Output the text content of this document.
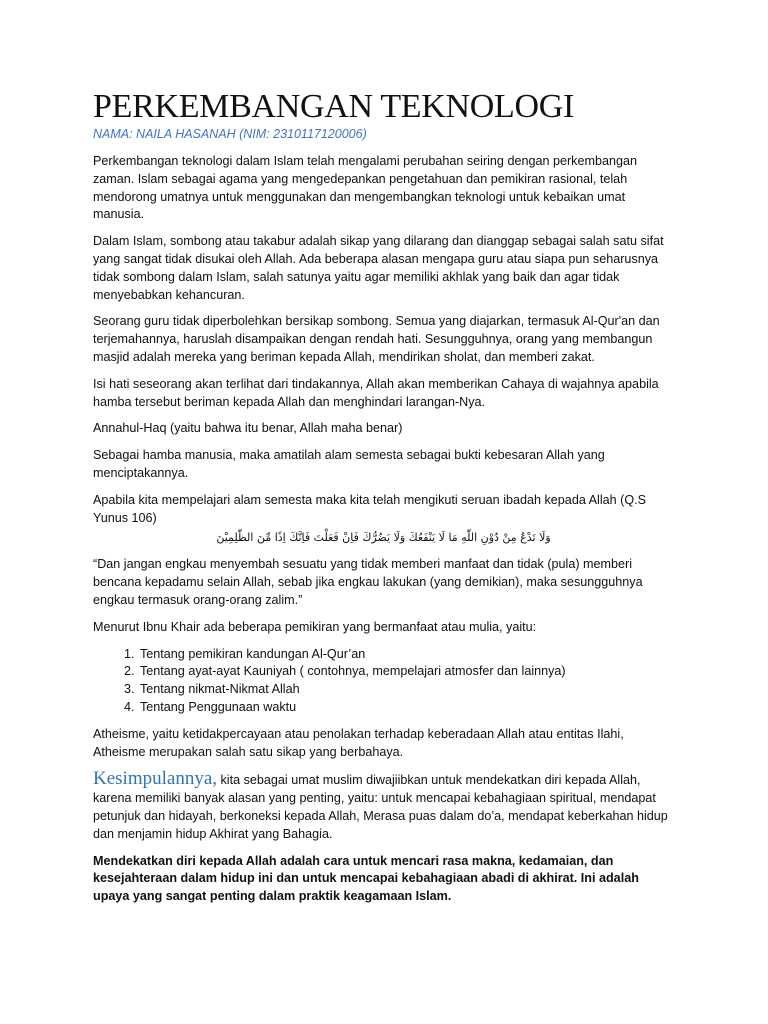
PERKEMBANGAN TEKNOLOGI
NAMA: NAILA HASANAH (NIM: 2310117120006)

Perkembangan teknologi dalam Islam telah mengalami perubahan seiring dengan perkembangan zaman. Islam sebagai agama yang mengedepankan pengetahuan dan pemikiran rasional, telah mendorong umatnya untuk menggunakan dan mengembangkan teknologi untuk kebaikan umat manusia.

Dalam Islam, sombong atau takabur adalah sikap yang dilarang dan dianggap sebagai salah satu sifat yang sangat tidak disukai oleh Allah. Ada beberapa alasan mengapa guru atau siapa pun seharusnya tidak sombong dalam Islam, salah satunya yaitu agar memiliki akhlak yang baik dan agar tidak menyebabkan kehancuran.

Seorang guru tidak diperbolehkan bersikap sombong. Semua yang diajarkan, termasuk Al-Qur'an dan terjemahannya, haruslah disampaikan dengan rendah hati. Sesungguhnya, orang yang membangun masjid adalah mereka yang beriman kepada Allah, mendirikan sholat, dan memberi zakat.

Isi hati seseorang akan terlihat dari tindakannya, Allah akan memberikan Cahaya di wajahnya apabila hamba tersebut beriman kepada Allah dan menghindari larangan-Nya.

Annahul-Haq (yaitu bahwa itu benar, Allah maha benar)

Sebagai hamba manusia, maka amatilah alam semesta sebagai bukti kebesaran Allah yang menciptakannya.

Apabila kita mempelajari alam semesta maka kita telah mengikuti seruan ibadah kepada Allah (Q.S Yunus 106)

وَلَا تَدْعُ مِنْ دُوْنِ اللّٰهِ مَا لَا يَنْفَعُكَ وَلَا يَضُرُّكَ فَاِنْ فَعَلْتَ فَاِنَّكَ اِذًا مِّنَ الظّٰلِمِيْنَ

“Dan jangan engkau menyembah sesuatu yang tidak memberi manfaat dan tidak (pula) memberi bencana kepadamu selain Allah, sebab jika engkau lakukan (yang demikian), maka sesungguhnya engkau termasuk orang-orang zalim.”

Menurut Ibnu Khair ada beberapa pemikiran yang bermanfaat atau mulia, yaitu:

1. Tentang pemikiran kandungan Al-Qur’an
2. Tentang ayat-ayat Kauniyah ( contohnya, mempelajari atmosfer dan lainnya)
3. Tentang nikmat-Nikmat Allah
4. Tentang Penggunaan waktu

Atheisme, yaitu ketidakpercayaan atau penolakan terhadap keberadaan Allah atau entitas Ilahi, Atheisme merupakan salah satu sikap yang berbahaya.

Kesimpulannya, kita sebagai umat muslim diwajiibkan untuk mendekatkan diri kepada Allah, karena memiliki banyak alasan yang penting, yaitu: untuk mencapai kebahagiaan spiritual, mendapat petunjuk dan hidayah, berkoneksi kepada Allah, Merasa puas dalam do’a, mendapat keberkahan hidup dan menjamin hidup Akhirat yang Bahagia.

Mendekatkan diri kepada Allah adalah cara untuk mencari rasa makna, kedamaian, dan kesejahteraan dalam hidup ini dan untuk mencapai kebahagiaan abadi di akhirat. Ini adalah upaya yang sangat penting dalam praktik keagamaan Islam.
